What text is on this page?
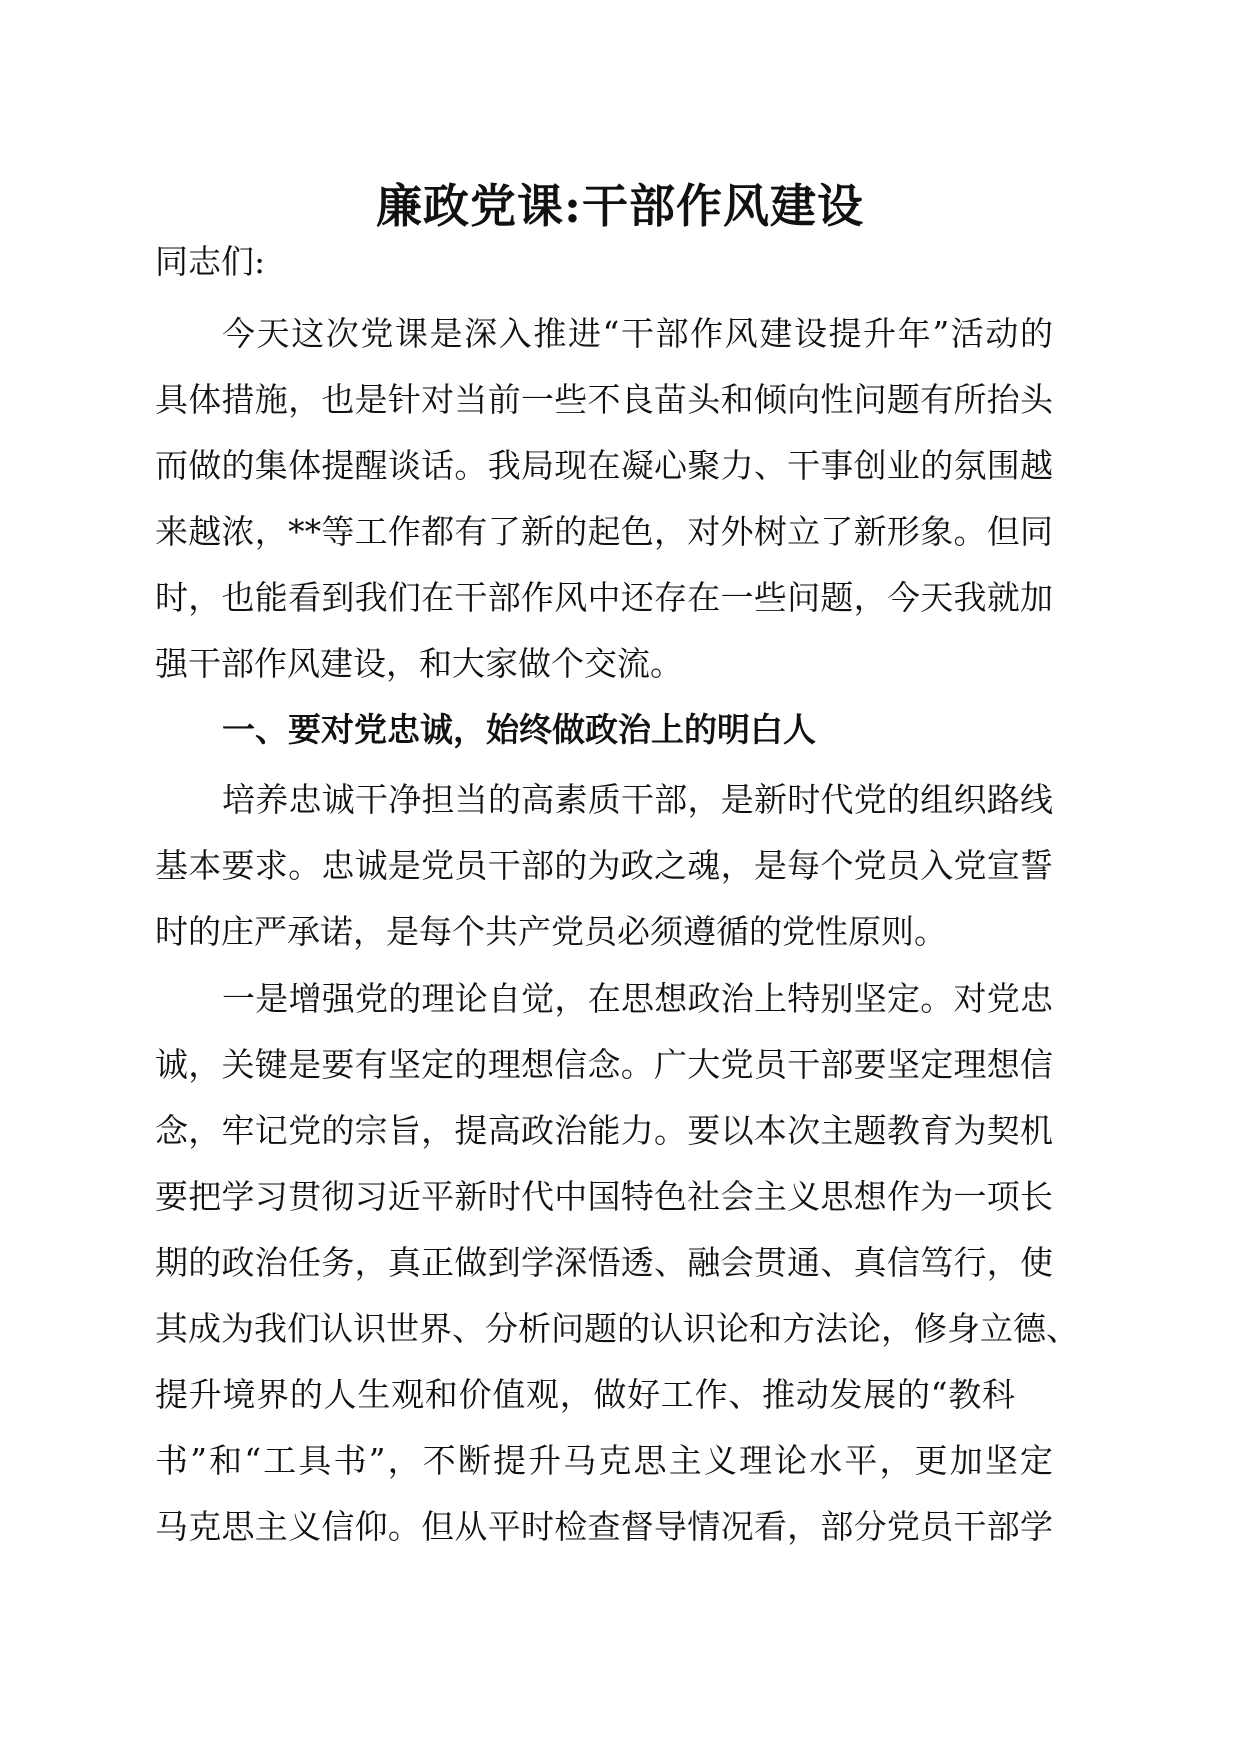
廉政党课:干部作风建设
同志们:
今天这次党课是深入推进“干部作风建设提升年”活动的
具体措施，也是针对当前一些不良苗头和倾向性问题有所抬头
而做的集体提醒谈话。我局现在凝心聚力、干事创业的氛围越
来越浓，**等工作都有了新的起色，对外树立了新形象。但同
时，也能看到我们在干部作风中还存在一些问题，今天我就加
强干部作风建设，和大家做个交流。
一、要对党忠诚，始终做政治上的明白人
培养忠诚干净担当的高素质干部，是新时代党的组织路线
基本要求。忠诚是党员干部的为政之魂，是每个党员入党宣誓
时的庄严承诺，是每个共产党员必须遵循的党性原则。
一是增强党的理论自觉，在思想政治上特别坚定。对党忠
诚，关键是要有坚定的理想信念。广大党员干部要坚定理想信
念，牢记党的宗旨，提高政治能力。要以本次主题教育为契机
要把学习贯彻习近平新时代中国特色社会主义思想作为一项长
期的政治任务，真正做到学深悟透、融会贯通、真信笃行，使
其成为我们认识世界、分析问题的认识论和方法论，修身立德、
提升境界的人生观和价值观，做好工作、推动发展的“教科
书”和“工具书”，不断提升马克思主义理论水平，更加坚定
马克思主义信仰。但从平时检查督导情况看，部分党员干部学
